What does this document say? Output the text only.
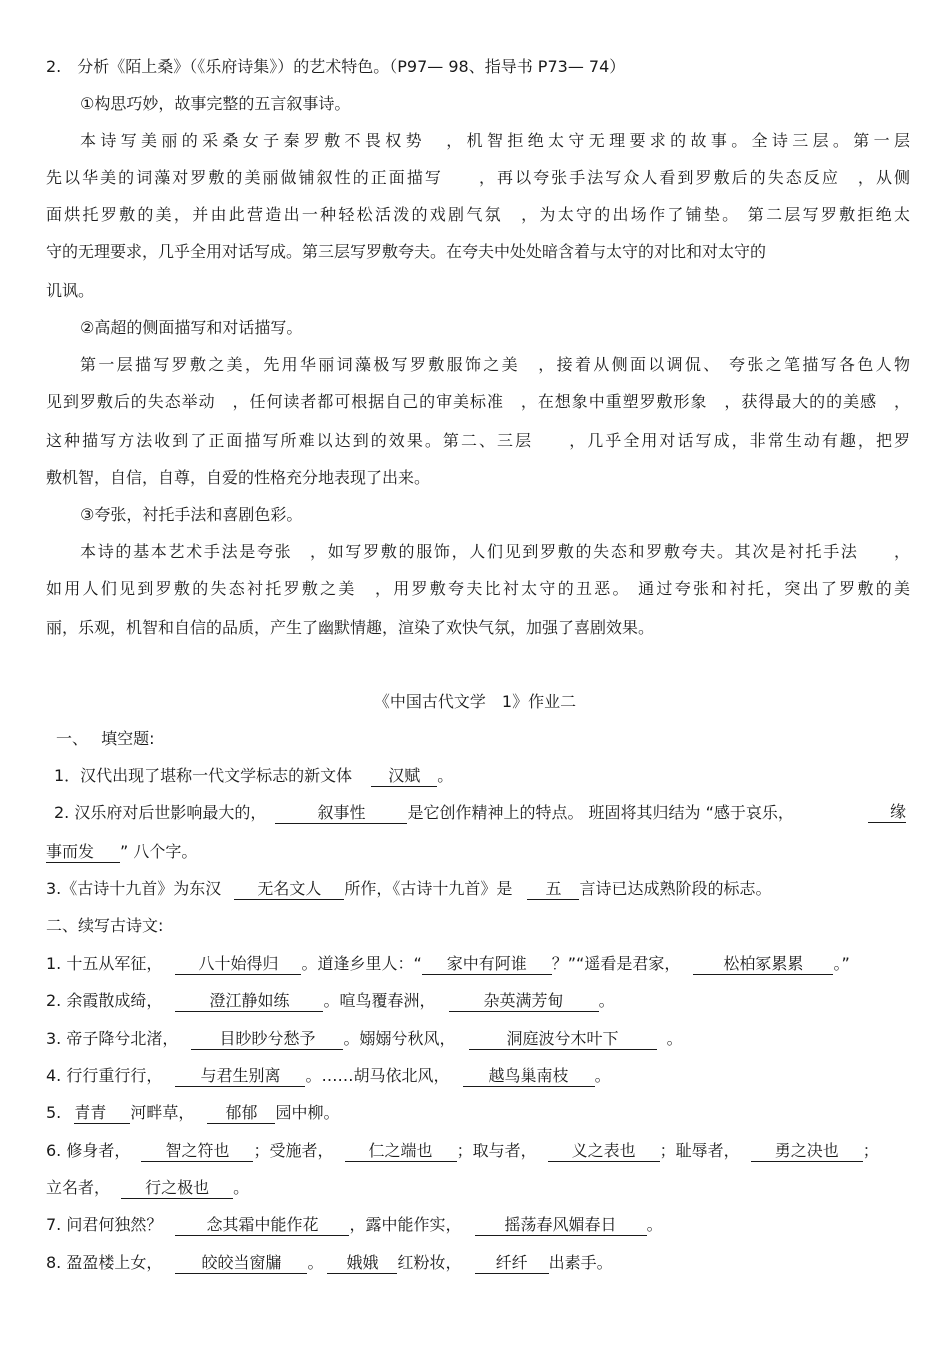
2.　分析《陌上桑》（《乐府诗集》）的艺术特色。（P97— 98、指导书 P73— 74）
①构思巧妙，故事完整的五言叙事诗。
本诗写美丽的采桑女子秦罗敷不畏权势　，机智拒绝太守无理要求的故事。全诗三层。第一层
先以华美的词藻对罗敷的美丽做铺叙性的正面描写　　，再以夸张手法写众人看到罗敷后的失态反应　，从侧
面烘托罗敷的美，并由此营造出一种轻松活泼的戏剧气氛　，为太守的出场作了铺垫。 第二层写罗敷拒绝太
守的无理要求，几乎全用对话写成。第三层写罗敷夸夫。在夸夫中处处暗含着与太守的对比和对太守的
讥讽。
②高超的侧面描写和对话描写。
第一层描写罗敷之美，先用华丽词藻极写罗敷服饰之美　，接着从侧面以调侃、 夸张之笔描写各色人物
见到罗敷后的失态举动　，任何读者都可根据自己的审美标准　，在想象中重塑罗敷形象　，获得最大的的美感　，
这种描写方法收到了正面描写所难以达到的效果。第二、三层　　，几乎全用对话写成，非常生动有趣，把罗
敷机智，自信，自尊，自爱的性格充分地表现了出来。
③夸张，衬托手法和喜剧色彩。
本诗的基本艺术手法是夸张　，如写罗敷的服饰，人们见到罗敷的失态和罗敷夸夫。其次是衬托手法　　，
如用人们见到罗敷的失态衬托罗敷之美　，用罗敷夸夫比衬太守的丑恶。 通过夸张和衬托，突出了罗敷的美
丽，乐观，机智和自信的品质，产生了幽默情趣，渲染了欢快气氛，加强了喜剧效果。
《中国古代文学　1》作业二
一、　 填空题:
1．汉代出现了堪称一代文学标志的新文体 汉赋 。
2. 汉乐府对后世影响最大的，	叙事性	是它创作精神上的特点。 班固将其归结为 “感于哀乐，	缘
事而发 ” 八个字。
3.《古诗十九首》为东汉 无名文人 所作，《古诗十九首》是 五 言诗已达成熟阶段的标志。
二、续写古诗文:
1. 十五从军征， 八十始得归 。道逢乡里人：“ 家中有阿谁 ？”“遥看是君家，	松柏冢累累 。”
2. 余霞散成绮，	澄江静如练 。喧鸟覆春洲，	杂英满芳甸 。
3. 帝子降兮北渚，	目眇眇兮愁予 。嫋嫋兮秋风，	洞庭波兮木叶下	。
4. 行行重行行， 与君生别离 。……胡马依北风， 越鸟巢南枝 。
5. 青青 河畔草， 郁郁 园中柳。
6. 修身者， 智之符也 ；受施者， 仁之端也 ；取与者， 义之表也 ；耻辱者， 勇之决也 ；
立名者， 行之极也 。
7. 问君何独然？	念其霜中能作花 ，露中能作实，	摇荡春风媚春日 。
8. 盈盈楼上女， 皎皎当窗牖 。 娥娥 红粉妆， 纤纤 出素手。
